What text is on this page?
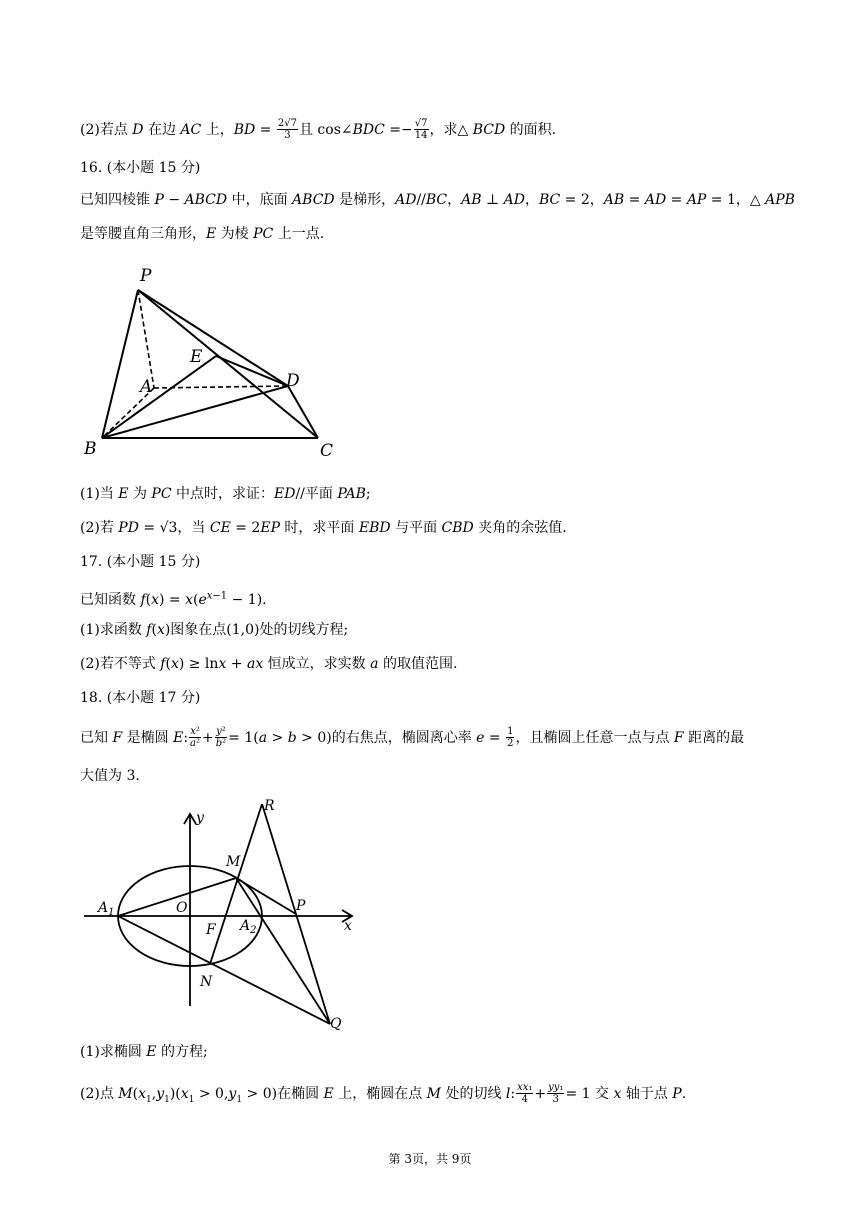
(2)若点 D 在边 AC 上，BD = $\frac{2√7}{3}$ 且 cos∠BDC =− $\frac{√7}{14}$ ，求△ BCD 的面积.
16. (本小题 15 分)
已知四棱锥 P − ABCD 中，底面 ABCD 是梯形，AD//BC，AB ⊥ AD，BC = 2，AB = AD = AP = 1，△ APB
是等腰直角三角形，E 为棱 PC 上一点.
P
E
A	D
B	C
(1)当 E 为 PC 中点时，求证：ED//平面 PAB;
(2)若 PD = √3，当 CE = 2EP 时，求平面 EBD 与平面 CBD 夹角的余弦值.
17. (本小题 15 分)
已知函数 $f(x) = x(e^{x-1} - 1)$.
(1)求函数 f(x)图象在点(1,0)处的切线方程;
(2)若不等式 f(x) ≥ lnx + ax 恒成立，求实数 a 的取值范围.
18. (本小题 17 分)
已知 F 是椭圆 E: $\frac{\text{x²}}{\text{a²}} + \frac{\text{y²}}{\text{b²}} = 1(a > b > 0)$的右焦点，椭圆离心率 $e = \frac{1}{2}$ ，且椭圆上任意一点与点 F 距离的最
大值为 3.
R
y
M
$A_1$	O	P
x
F $A_2$
N
Q
(1)求椭圆 E 的方程;
(2)点 $M(x_1,y_1)(x_1 > 0,y_1 > 0)$在椭圆 E 上，椭圆在点 M 处的切线 l: $\frac{\text{xx₁}}{4} + \frac{\text{yy₁}}{3} = 1$ 交 x 轴于点 P.
第 3页，共 9页
